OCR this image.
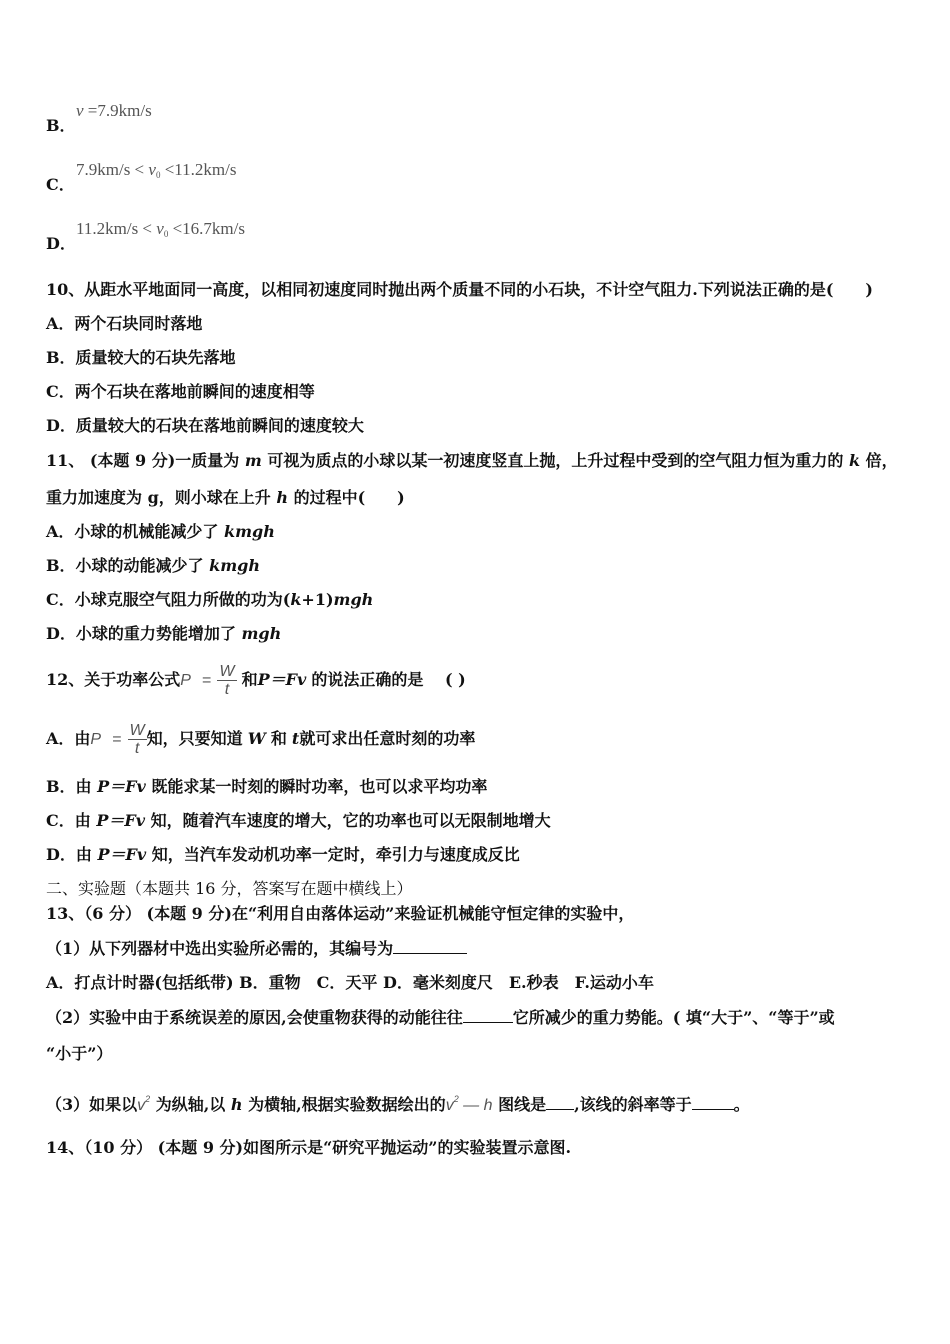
B．
v =7.9km/s
C．
$7.9km/s < v_0 <11.2km/s$
D．
$11.2km/s < v_0 <16.7km/s$
10、从距水平地面同一高度，以相同初速度同时抛出两个质量不同的小石块，不计空气阻力.下列说法正确的是(　　)
A．两个石块同时落地
B．质量较大的石块先落地
C．两个石块在落地前瞬间的速度相等
D．质量较大的石块在落地前瞬间的速度较大
11、 (本题 9 分)一质量为 m 可视为质点的小球以某一初速度竖直上抛，上升过程中受到的空气阻力恒为重力的 k 倍，
重力加速度为 g，则小球在上升 h 的过程中(　　)
A．小球的机械能减少了 kmgh
B．小球的动能减少了 kmgh
C．小球克服空气阻力所做的功为(k+1)mgh
D．小球的重力势能增加了 mgh
12、关于功率公式$P = \frac{W}{t}$ 和P＝Fv 的说法正确的是　 ( )
A．由$P = \frac{W}{t}$ 知，只要知道 W 和 t就可求出任意时刻的功率
B．由 P＝Fv 既能求某一时刻的瞬时功率，也可以求平均功率
C．由 P＝Fv 知，随着汽车速度的增大，它的功率也可以无限制地增大
D．由 P＝Fv 知，当汽车发动机功率一定时，牵引力与速度成反比
二、实验题（本题共 16 分，答案写在题中横线上）
13、（6 分） (本题 9 分)在“利用自由落体运动”来验证机械能守恒定律的实验中，
（1）从下列器材中选出实验所必需的，其编号为
A．打点计时器(包括纸带) B．重物　C．天平 D．毫米刻度尺　E.秒表　F.运动小车
（2）实验中由于系统误差的原因,会使重物获得的动能往往	它所减少的重力势能。( 填“大于”、“等于”或
“小于”）
（3）如果以$v^2$ 为纵轴,以 h 为横轴,根据实验数据绘出的$v^2$ — h 图线是 ,该线的斜率等于	。
14、（10 分） (本题 9 分)如图所示是“研究平抛运动”的实验装置示意图.
